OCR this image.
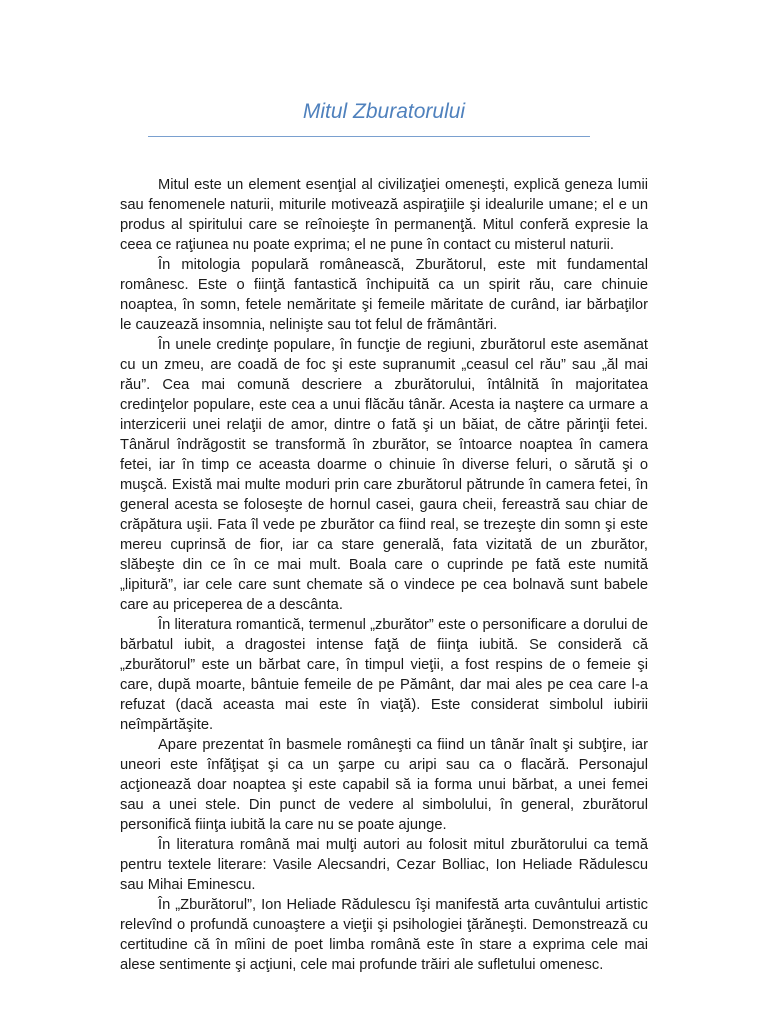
Mitul Zburatorului

Mitul este un element esenţial al civilizaţiei omeneşti, explică geneza lumii sau fenomenele naturii, miturile motivează aspiraţiile şi idealurile umane; el e un produs al spiritului care se reînoieşte în permanenţă. Mitul conferă expresie la ceea ce raţiunea nu poate exprima; el ne pune în contact cu misterul naturii.

În mitologia populară românească, Zburătorul, este mit fundamental românesc. Este o fiinţă fantastică închipuită ca un spirit rău, care chinuie noaptea, în somn, fetele nemăritate şi femeile măritate de curând, iar bărbaţilor le cauzează insomnia, nelinişte sau tot felul de frământări.

În unele credinţe populare, în funcţie de regiuni, zburătorul este asemănat cu un zmeu, are coadă de foc şi este supranumit „ceasul cel rău” sau „ăl mai rău”. Cea mai comună descriere a zburătorului, întâlnită în majoritatea credinţelor populare, este cea a unui flăcău tânăr. Acesta ia naştere ca urmare a interzicerii unei relaţii de amor, dintre o fată şi un băiat, de către părinţii fetei. Tânărul îndrăgostit se transformă în zburător, se întoarce noaptea în camera fetei, iar în timp ce aceasta doarme o chinuie în diverse feluri, o sărută şi o muşcă. Există mai multe moduri prin care zburătorul pătrunde în camera fetei, în general acesta se foloseşte de hornul casei, gaura cheii, fereastră sau chiar de crăpătura uşii. Fata îl vede pe zburător ca fiind real, se trezeşte din somn şi este mereu cuprinsă de fior, iar ca stare generală, fata vizitată de un zburător, slăbeşte din ce în ce mai mult. Boala care o cuprinde pe fată este numită „lipitură”, iar cele care sunt chemate să o vindece pe cea bolnavă sunt babele care au priceperea de a descânta.

În literatura romantică, termenul „zburător” este o personificare a dorului de bărbatul iubit, a dragostei intense faţă de fiinţa iubită. Se consideră că „zburătorul” este un bărbat care, în timpul vieţii, a fost respins de o femeie şi care, după moarte, bântuie femeile de pe Pământ, dar mai ales pe cea care l-a refuzat (dacă aceasta mai este în viaţă). Este considerat simbolul iubirii neîmpărtăşite.

Apare prezentat în basmele româneşti ca fiind un tânăr înalt şi subţire, iar uneori este înfăţişat şi ca un şarpe cu aripi sau ca o flacără. Personajul acţionează doar noaptea şi este capabil să ia forma unui bărbat, a unei femei sau a unei stele. Din punct de vedere al simbolului, în general, zburătorul personifică fiinţa iubită la care nu se poate ajunge.

În literatura română mai mulţi autori au folosit mitul zburătorului ca temă pentru textele literare: Vasile Alecsandri, Cezar Bolliac, Ion Heliade Rădulescu sau Mihai Eminescu.

În „Zburătorul”, Ion Heliade Rădulescu îşi manifestă arta cuvântului artistic relevînd o profundă cunoaştere a vieţii şi psihologiei ţărăneşti. Demonstrează cu certitudine că în mîini de poet limba română este în stare a exprima cele mai alese sentimente şi acţiuni, cele mai profunde trăiri ale sufletului omenesc.
